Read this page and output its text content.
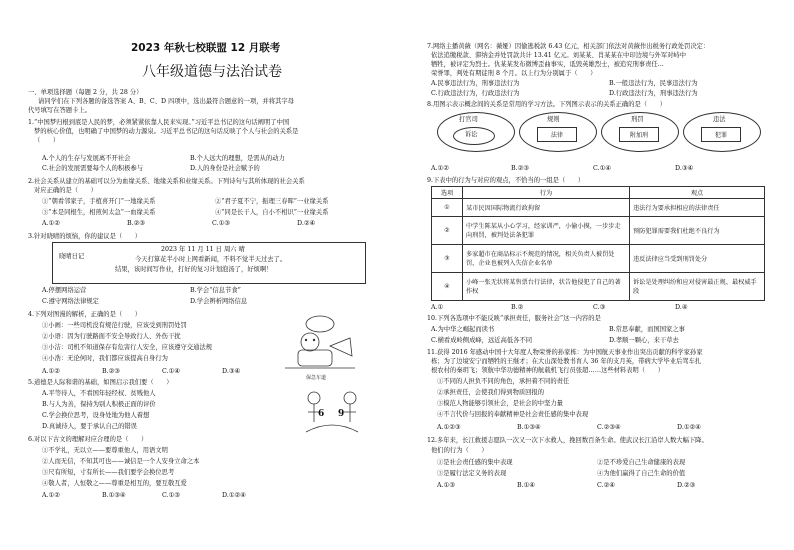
2023 年秋七校联盟 12 月联考
八年级道德与法治试卷
一、单项选择题（每题 2 分，共 28 分）
请同学们在下列各题的备选答案 A、B、C、D 四项中，选出最符合题意的一项，并将其字母
代号填写在答题卡上。
1.“中国梦归根到底是人民的梦，必须紧紧依靠人民来实现。”习近平总书记的这句话阐明了中国
梦的核心价值，也明确了中国梦的动力源泉。习近平总书记的这句话反映了个人与社会的关系是
（　　）
A.个人的生存与发展离不开社会	B.个人远大的理想，是需从的动力
C.社会的发展需要每个人的积极参与	D.人的身份是社会赋予的
2.社会关系从建立的基础可以分为血缘关系、地缘关系和业缘关系。下列诗句与其所体现的社会关系
对应正确的是（　　）
①“朝看邻家子，手植喜开门”一地缘关系	②“君子夏不宁，振理三春晖”一业缘关系
③“本是同根生，相煎何太急”一血缘关系	④“同是长干人，自小不相识”一业缘关系
A.①②	B.②③	C.①③	D.②④
3.针对晓晴的烦恼，你的建议是（　　）
晓晴日记
2023 年 11 月 11 日 周六 晴
今天打算花半小时上网看新闻，不料不觉半天过去了。
结果，该时间写作业，打好的复习计划泡汤了，好烦啊！
A.停摆网络运营	B.学会“信息节食”
C.遵守网络法律规定	D.学会辨析网络信息
4.下列对图漫的解析，正确的是（　　）
①小画：一些司机没有规范行驶，应该受到刑罚处罚
②小语：因为行驶路面不安全导致行人、外伤干扰
③小洁：司机不知道保存有危害行人安全，应该遵守交通法规
④小浩：无论何时，我们都应该提高自身行为
A.①②	B.②③	C.①④	D.③④
保急车道
5.道德是人际和谐的基础，如图启示我们要（　　）
A.平等待人，不看国年轻经权、贫贱他人
B.与人为善，保持为别人积极正面的评价
C.学会换位思考，设身处地为他人着想
D.真诚待人，要于承认自己的错误
6 9
6.对以下古文的理解对应合理的是（　　）
①不学礼，无以立——要尊重他人，用语文明
②人而无信，不知其可也——诚信是一个人安身立命之本
③尺有所短，寸有所长——我们要学会换位思考
④敬人者，人恒敬之——尊重是相互的，要互敬互爱
A.①②	B.①③④	C.①③	D.①②④
7.网络主播黄薇（网名：薇娅）因偷逃税款 6.43 亿元，相关部门依法对黄薇作出税务行政处罚决定：
依法追缴税款、滞纳金并处罚款共计 13.41 亿元。刘某某、肖某某在中印边境与外军对峙中
牺牲，被评定为烈士。仇某某发布微博歪曲事实，诋毁英雄烈士，被追究刑事责任...
荣誉罪，判处有期徒刑 8 个月。以上行为分别属于（　　）
A.民事违法行为，刑事违法行为	B.一般违法行为，民事违法行为
C.行政违法行为，行政违法行为	D.行政违法行为，刑事违法行为
8.用图示表示概念间的关系是常用的学习方法。下列图示表示的关系正确的是（　　）
打官司
诉讼
规则
法律
刑罚
附加刑
违法
犯罪
A.①②	B.②③	C.①④	D.③④
9.下表中的行为与对应的观点，不恰当的一组是（　　）
选项	行为	观点
①	某市民因国际物流行政拘留	违法行为要承担相应的法律责任
②	中学生陈某从小心学习，经家训严，小偷小摸，一步步走向刑罚，被判处法条犯罪	预防犯罪需要我们杜绝不良行为
③	多家超市在商品标示不规范的情况，相关负责人被罚处罚，企业也被列入失信企业名单	违反法律应当受到刑罚处分
④	小峰一张无状将某售票台行法律，状告他侵犯了自己的著作权	诉讼是处理纠纷和应对侵害最正规、最权威手段
A.①	B.②	C.③	D.④
10.下列各选项中不能反映“承担责任，服务社会”这一内容的是
A.为中华之崛起而读书	B.常思奉献，而国国家之事
C.横看成岭侧成峰，远近高低各不同	D.孝顺一颗心，来干草去
11.获得 2016 年感动中国十大年度人物荣誉的孙家栋：为中国航天事业作出突出贡献的科学家孙家
栋；为了边境安宁而牺牲的王继才；在大山深处教书育人 36 年的支月英，带病大学毕业后驾车扎
根农村的秦玥飞；领航中华功德精神的航载机飞行员张超……这些材料表明（　　）
①不同的人担负不同的角色，承担着不同的责任
②承担责任，会使我们得到物质回报的
③模范人物能够引领社会，是社会的中坚力量
④不言代价与回报的奉献精神是社会责任感的集中表现
A.①②③	B.①③④	C.②③④	D.①②④
12.多年来，长江救援志愿队一次又一次下水救人，挽回数百条生命。使武汉长江沿岸人数大幅下降。
他们的行为（　　）
①是社会责任感的集中表现	②是不珍爱自己生命健康的表现
③是履行法定义务的表现	④为他们赢得了自己生命的价值
A.①③	B.①④	C.②④	D.②③
